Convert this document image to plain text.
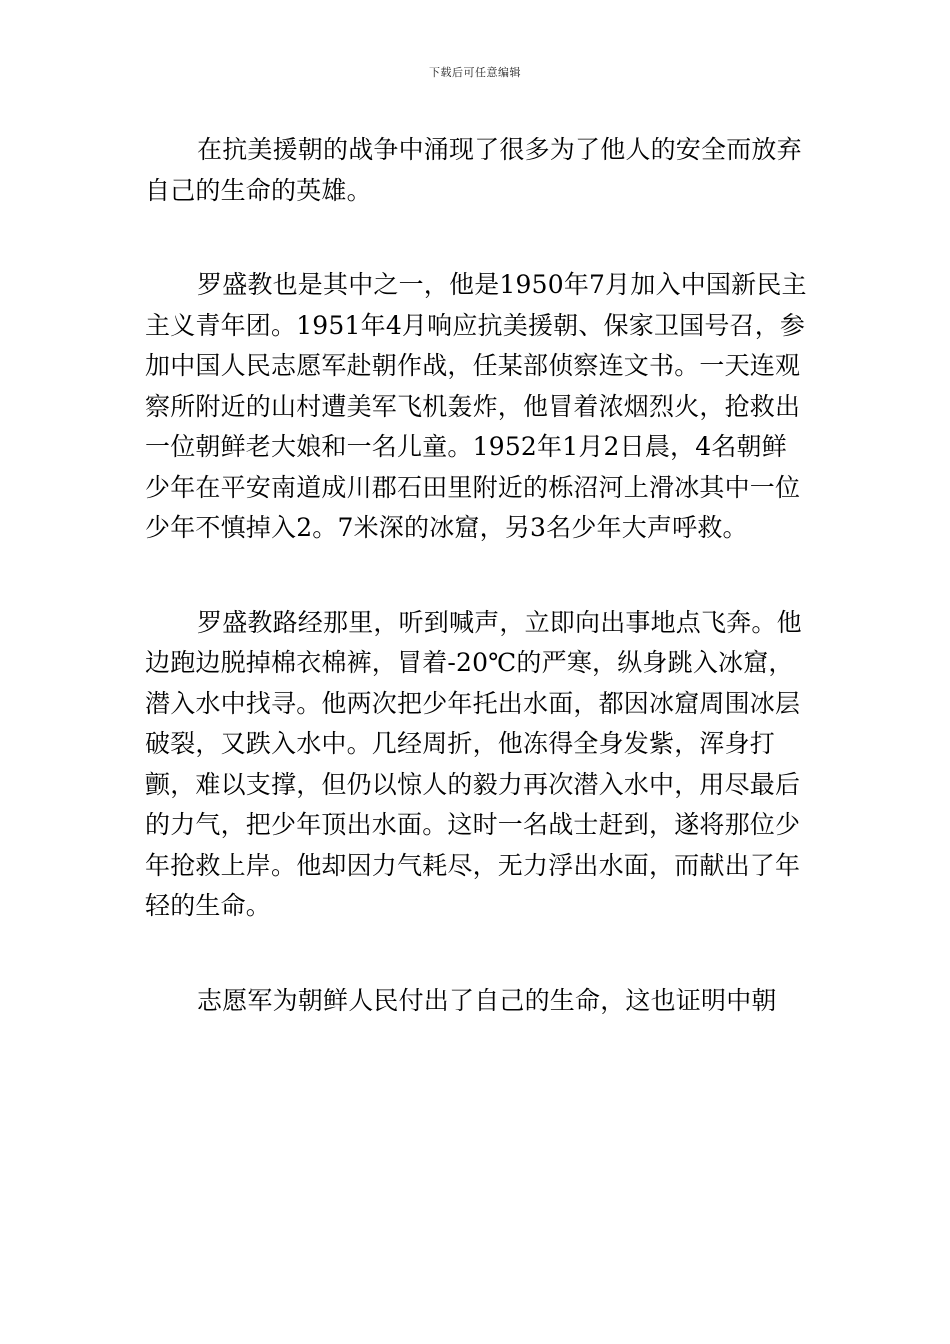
下载后可任意编辑

在抗美援朝的战争中涌现了很多为了他人的安全而放弃自己的生命的英雄。

罗盛教也是其中之一，他是1950年7月加入中国新民主主义青年团。1951年4月响应抗美援朝、保家卫国号召，参加中国人民志愿军赴朝作战，任某部侦察连文书。一天连观察所附近的山村遭美军飞机轰炸，他冒着浓烟烈火，抢救出一位朝鲜老大娘和一名儿童。1952年1月2日晨，4名朝鲜少年在平安南道成川郡石田里附近的栎沼河上滑冰其中一位少年不慎掉入2。7米深的冰窟，另3名少年大声呼救。

罗盛教路经那里，听到喊声，立即向出事地点飞奔。他边跑边脱掉棉衣棉裤，冒着-20℃的严寒，纵身跳入冰窟，潜入水中找寻。他两次把少年托出水面，都因冰窟周围冰层破裂，又跌入水中。几经周折，他冻得全身发紫，浑身打颤，难以支撑，但仍以惊人的毅力再次潜入水中，用尽最后的力气，把少年顶出水面。这时一名战士赶到，遂将那位少年抢救上岸。他却因力气耗尽，无力浮出水面，而献出了年轻的生命。

志愿军为朝鲜人民付出了自己的生命，这也证明中朝
